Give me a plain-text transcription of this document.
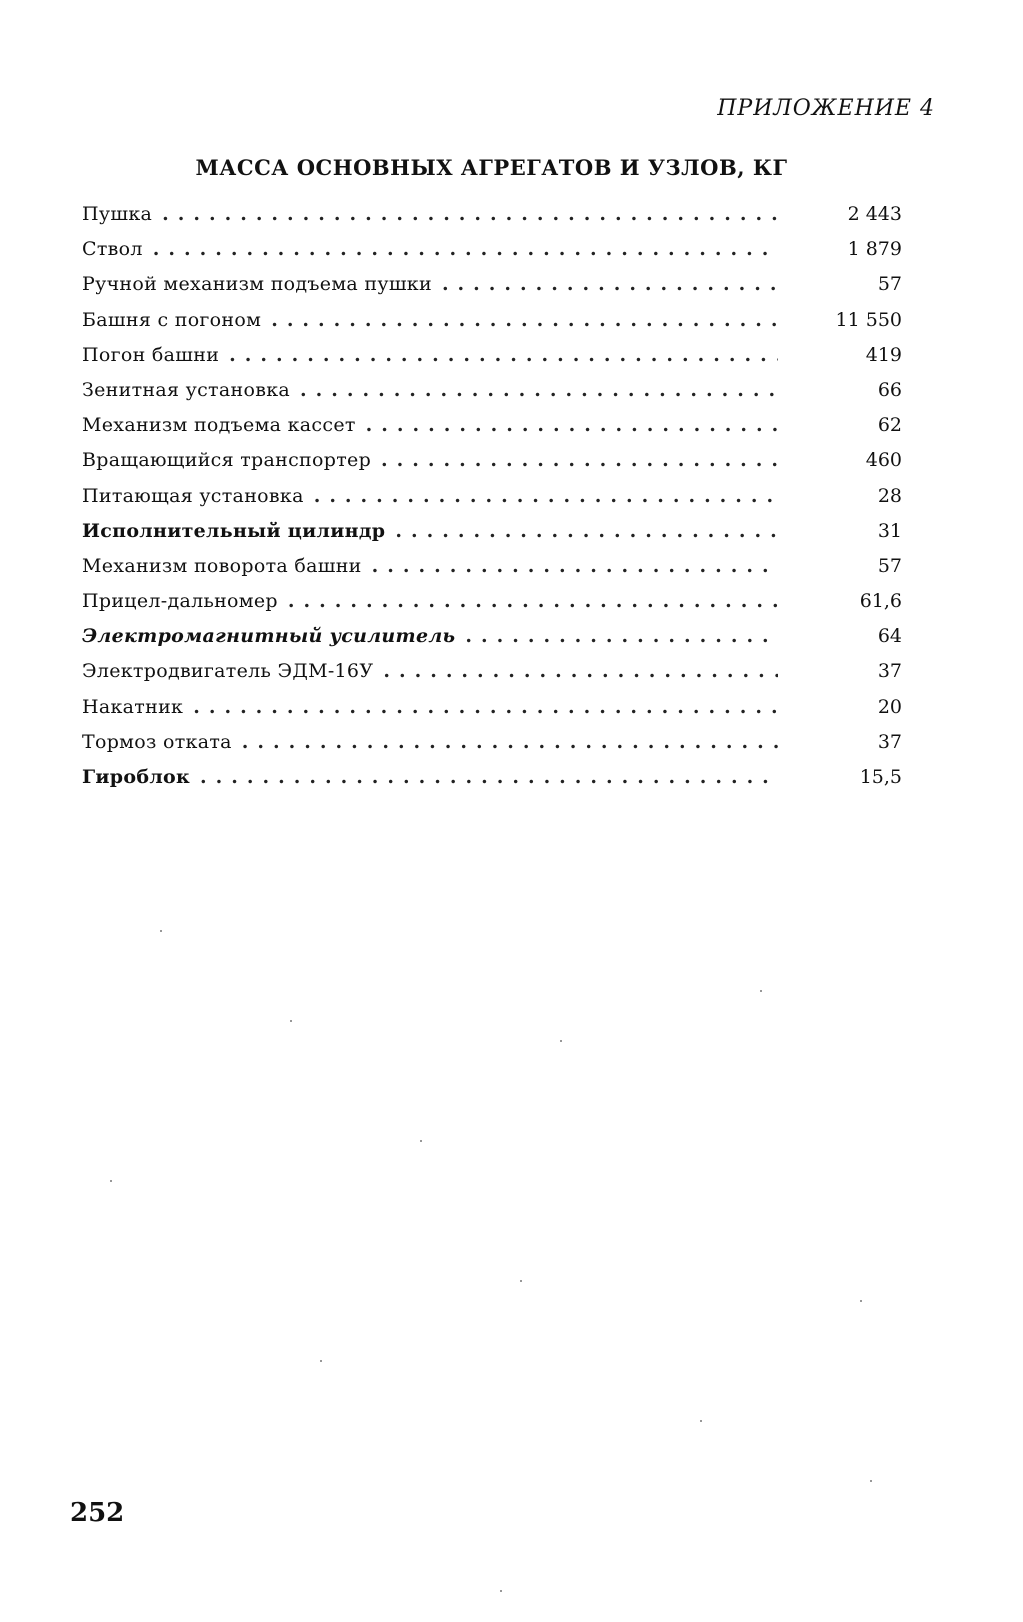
ПРИЛОЖЕНИЕ 4
МАССА ОСНОВНЫХ АГРЕГАТОВ И УЗЛОВ, КГ
Пушка .....	2 443
Ствол .....	1 879
Ручной механизм подъема пушки .....	57
Башня с погоном .....	11 550
Погон башни .....	419
Зенитная установка .....	66
Механизм подъема кассет .....	62
Вращающийся транспортер .....	460
Питающая установка .....	28
Исполнительный цилиндр .....	31
Механизм поворота башни .....	57
Прицел-дальномер .....	61,6
Электромагнитный усилитель .....	64
Электродвигатель ЭДМ-16У .....	37
Накатник .....	20
Тормоз отката .....	37
Гироблок .....	15,5
252
